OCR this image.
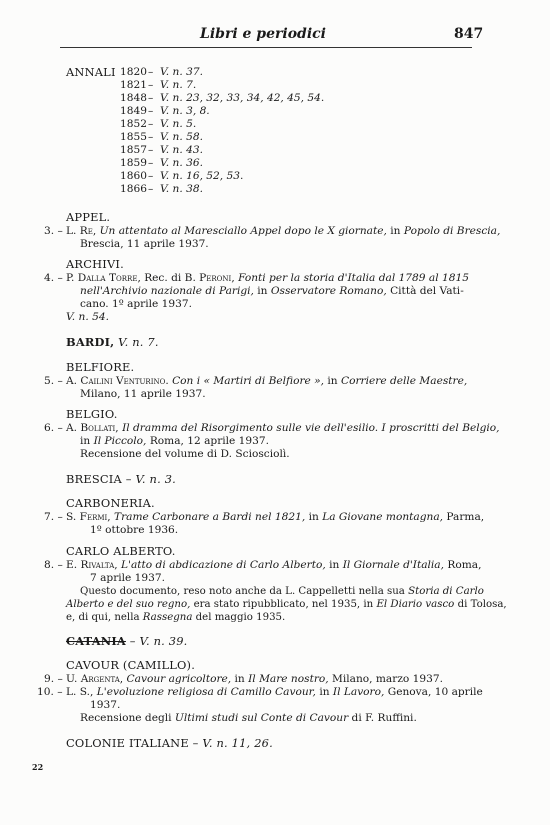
Libri e periodici	847
ANNALI 1820 – V. n. 37.
1821 – V. n. 7.
1848 – V. n. 23, 32, 33, 34, 42, 45, 54.
1849 – V. n. 3, 8.
1852 – V. n. 5.
1855 – V. n. 58.
1857 – V. n. 43.
1859 – V. n. 36.
1860 – V. n. 16, 52, 53.
1866 – V. n. 38.
APPEL.
3. – L. Re, Un attentato al Maresciallo Appel dopo le X giornate, in Popolo di Brescia,
Brescia, 11 aprile 1937.
ARCHIVI.
4. – P. Dalla Torre, Rec. di B. Peroni, Fonti per la storia d'Italia dal 1789 al 1815
nell'Archivio nazionale di Parigi, in Osservatore Romano, Città del Vati-
cano. 1º aprile 1937.
V. n. 54.
BARDI, V. n. 7.
BELFIORE.
5. – A. Cailini Venturino. Con i « Martiri di Belfiore », in Corriere delle Maestre,
Milano, 11 aprile 1937.
BELGIO.
6. – A. Bollati, Il dramma del Risorgimento sulle vie dell'esilio. I proscritti del Belgio,
in Il Piccolo, Roma, 12 aprile 1937.
Recensione del volume di D. Sciosciolì.
BRESCIA – V. n. 3.
CARBONERIA.
7. – S. Fermi, Trame Carbonare a Bardi nel 1821, in La Giovane montagna, Parma,
1º ottobre 1936.
CARLO ALBERTO.
8. – E. Rivalta, L'atto di abdicazione di Carlo Alberto, in Il Giornale d'Italia, Roma,
7 aprile 1937.
Questo documento, reso noto anche da L. Cappelletti nella sua Storia di Carlo
Alberto e del suo regno, era stato ripubblicato, nel 1935, in El Diario vasco di Tolosa,
e, di qui, nella Rassegna del maggio 1935.
CATANIA – V. n. 39.
CAVOUR (CAMILLO).
9. – U. Argenta, Cavour agricoltore, in Il Mare nostro, Milano, marzo 1937.
10. – L. S., L'evoluzione religiosa di Camillo Cavour, in Il Lavoro, Genova, 10 aprile
1937.
Recensione degli Ultimi studi sul Conte di Cavour di F. Ruffini.
COLONIE ITALIANE – V. n. 11, 26.
22
